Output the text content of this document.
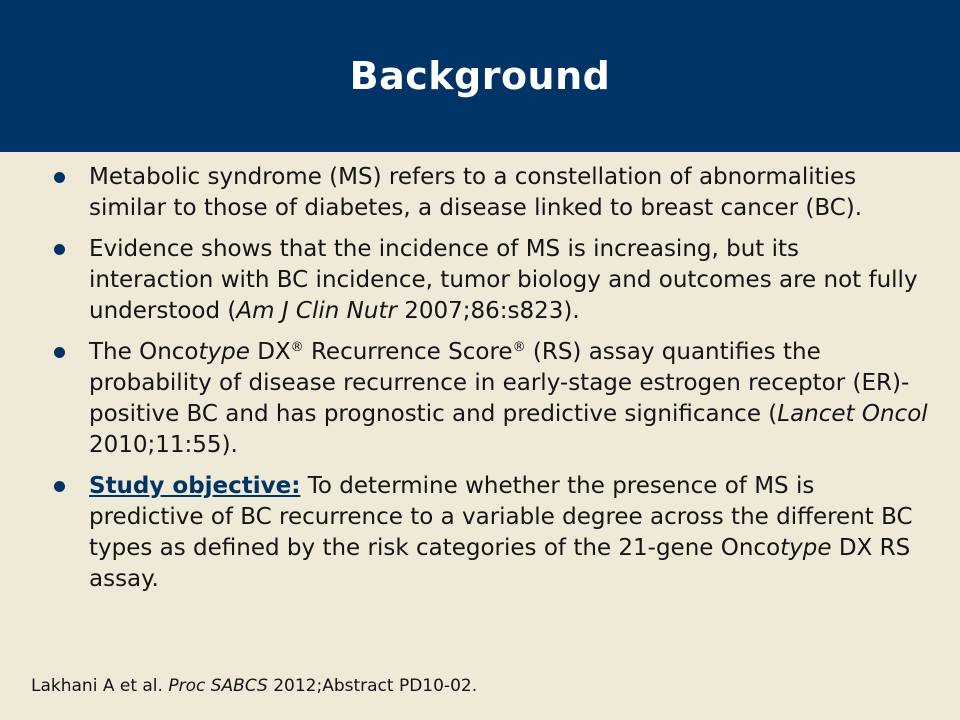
Background
Metabolic syndrome (MS) refers to a constellation of abnormalities similar to those of diabetes, a disease linked to breast cancer (BC).
Evidence shows that the incidence of MS is increasing, but its interaction with BC incidence, tumor biology and outcomes are not fully understood (Am J Clin Nutr 2007;86:s823).
The Oncotype DX® Recurrence Score® (RS) assay quantifies the probability of disease recurrence in early-stage estrogen receptor (ER)-positive BC and has prognostic and predictive significance (Lancet Oncol 2010;11:55).
Study objective: To determine whether the presence of MS is predictive of BC recurrence to a variable degree across the different BC types as defined by the risk categories of the 21-gene Oncotype DX RS assay.
Lakhani A et al. Proc SABCS 2012;Abstract PD10-02.
